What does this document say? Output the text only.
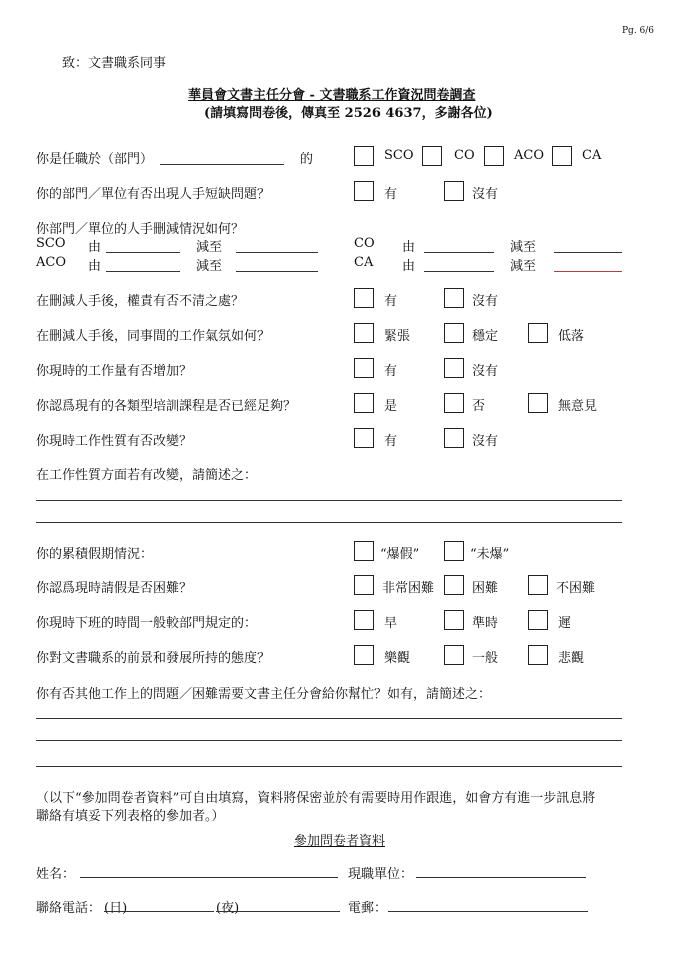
Pg. 6/6
致：文書職系同事
華員會文書主任分會 - 文書職系工作資況問卷調查
(請填寫問卷後，傳真至 2526 4637，多謝各位)
你是任職於（部門）	的	SCO	CO	ACO	CA
你的部門／單位有否出現人手短缺問題？	有	沒有
你部門／單位的人手刪減情況如何？
SCO 由	減至	CO 由	減至
ACO 由	減至	CA 由	減至
在刪減人手後，權責有否不清之處？	有	沒有
在刪減人手後，同事間的工作氣氛如何？	緊張	穩定	低落
你現時的工作量有否增加？	有	沒有
你認爲現有的各類型培訓課程是否已經足夠？	是	否	無意見
你現時工作性質有否改變？	有	沒有
在工作性質方面若有改變，請簡述之：
你的累積假期情況：	“爆假”	“未爆”
你認爲現時請假是否困難？	非常困難	困難	不困難
你現時下班的時間一般較部門規定的：	早	準時	遲
你對文書職系的前景和發展所持的態度？	樂觀	一般	悲觀
你有否其他工作上的問題／困難需要文書主任分會給你幫忙？如有，請簡述之：
（以下“參加問卷者資料”可自由填寫，資料將保密並於有需要時用作跟進，如會方有進一步訊息將
聯絡有填妥下列表格的參加者。）
參加問卷者資料
姓名：	現職單位：
聯絡電話： (日)	(夜)	電郵：
